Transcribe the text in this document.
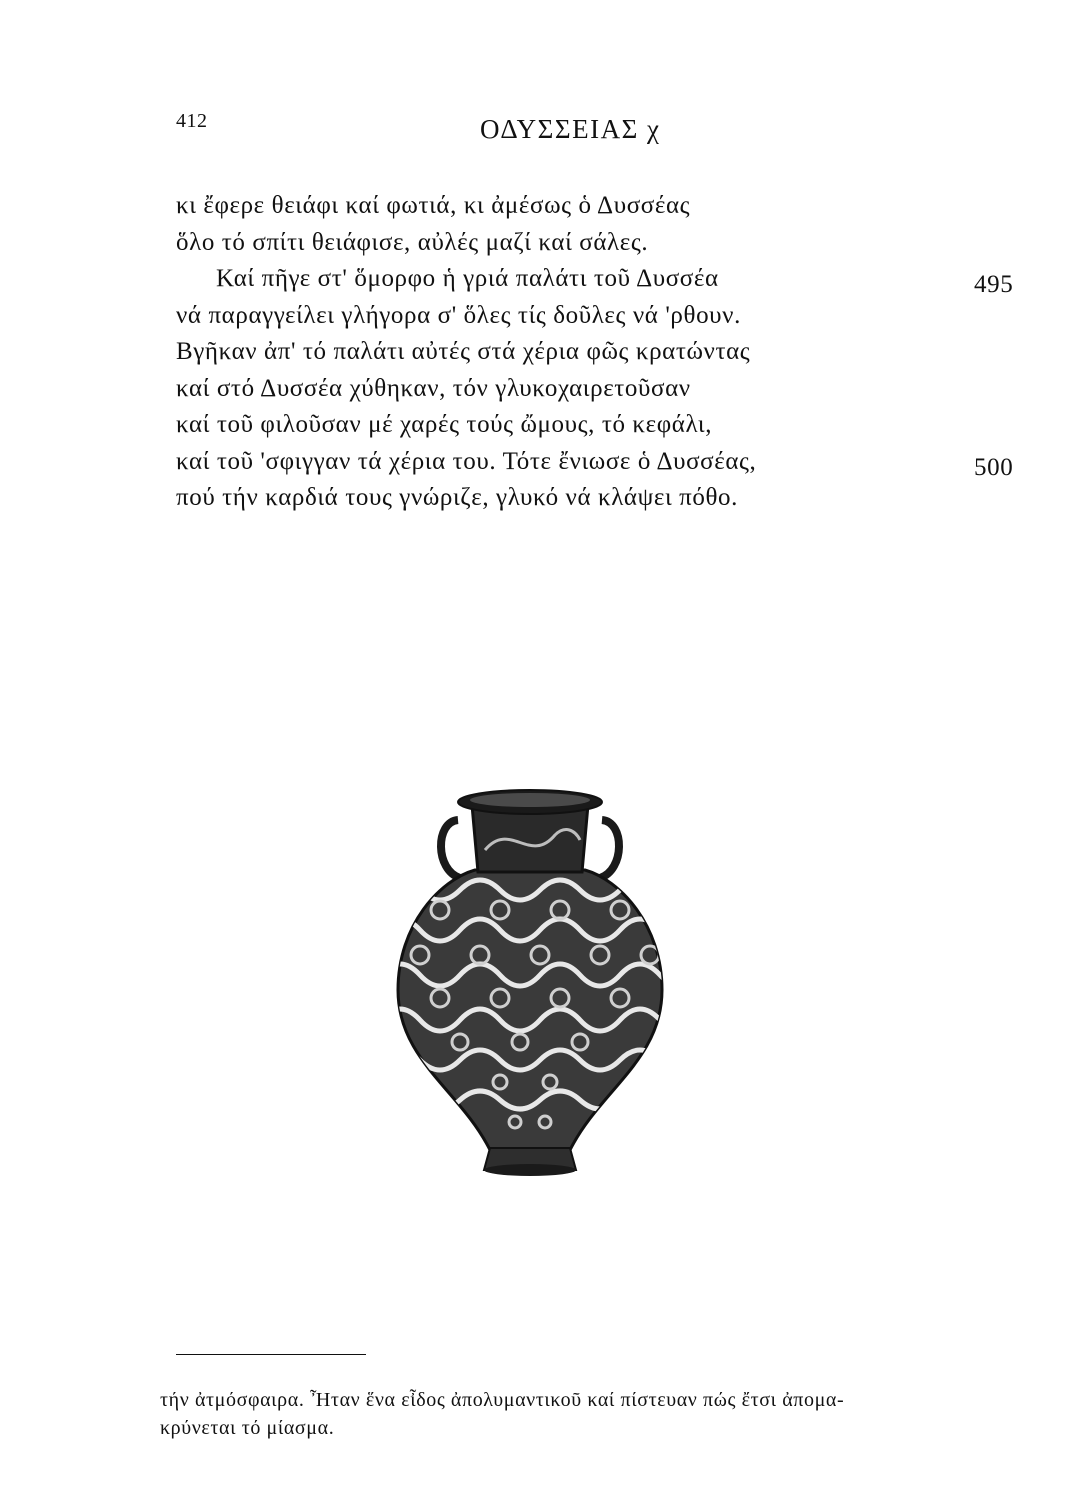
412	ΟΔΥΣΣΕΙΑΣ χ
κι ἔφερε θειάφι καί φωτιά, κι ἀμέσως ὁ Δυσσέας
ὅλο τό σπίτι θειάφισε, αὐλές μαζί καί σάλες.
Καί πῆγε στ' ὅμορφο ἡ γριά παλάτι τοῦ Δυσσέα	495
νά παραγγείλει γλήγορα σ' ὅλες τίς δοῦλες νά 'ρθουν.
Βγῆκαν ἀπ' τό παλάτι αὐτές στά χέρια φῶς κρατώντας
καί στό Δυσσέα χύθηκαν, τόν γλυκοχαιρετοῦσαν
καί τοῦ φιλοῦσαν μέ χαρές τούς ὤμους, τό κεφάλι,
καί τοῦ 'σφιγγαν τά χέρια του. Τότε ἔνιωσε ὁ Δυσσέας,	500
πού τήν καρδιά τους γνώριζε, γλυκό νά κλάψει πόθο.
τήν ἀτμόσφαιρα. Ἦταν ἕνα εἶδος ἀπολυμαντικοῦ καί πίστευαν πώς ἔτσι ἀπομα-
κρύνεται τό μίασμα.
